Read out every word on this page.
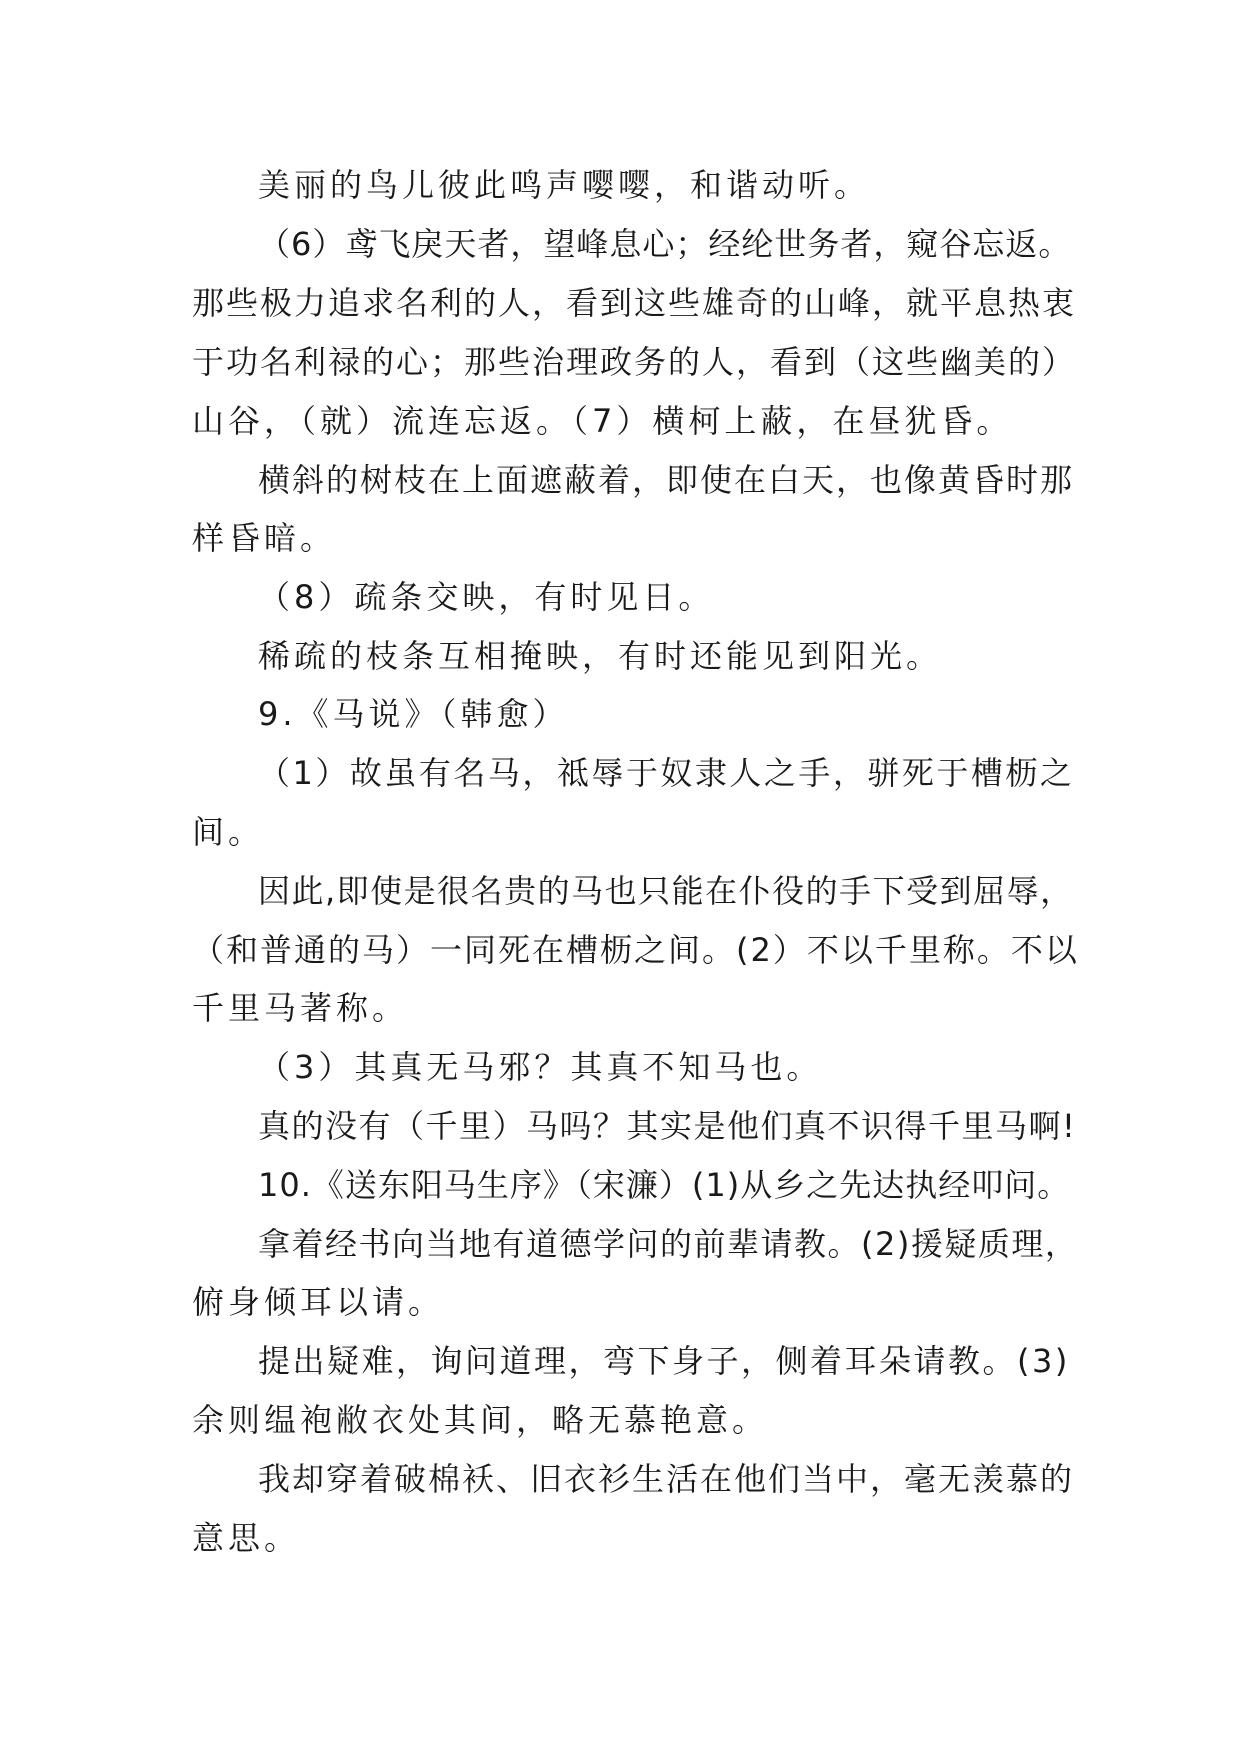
美丽的鸟儿彼此鸣声嘤嘤，和谐动听。

（6）鸢飞戾天者，望峰息心；经纶世务者，窥谷忘返。

那些极力追求名利的人，看到这些雄奇的山峰，就平息热衷

于功名利禄的心；那些治理政务的人，看到（这些幽美的）

山谷，（就）流连忘返。（7）横柯上蔽，在昼犹昏。

横斜的树枝在上面遮蔽着，即使在白天，也像黄昏时那

样昏暗。

（8）疏条交映，有时见日。

稀疏的枝条互相掩映，有时还能见到阳光。

9.《马说》（韩愈）

（1）故虽有名马，祗辱于奴隶人之手，骈死于槽枥之

间。

因此,即使是很名贵的马也只能在仆役的手下受到屈辱，

（和普通的马）一同死在槽枥之间。(2）不以千里称。不以

千里马著称。

（3）其真无马邪？其真不知马也。

真的没有（千里）马吗？其实是他们真不识得千里马啊!

10.《送东阳马生序》（宋濂）(1)从乡之先达执经叩问。

拿着经书向当地有道德学问的前辈请教。(2)援疑质理，

俯身倾耳以请。

提出疑难，询问道理，弯下身子，侧着耳朵请教。(3)

余则缊袍敝衣处其间，略无慕艳意。

我却穿着破棉袄、旧衣衫生活在他们当中，毫无羡慕的

意思。
